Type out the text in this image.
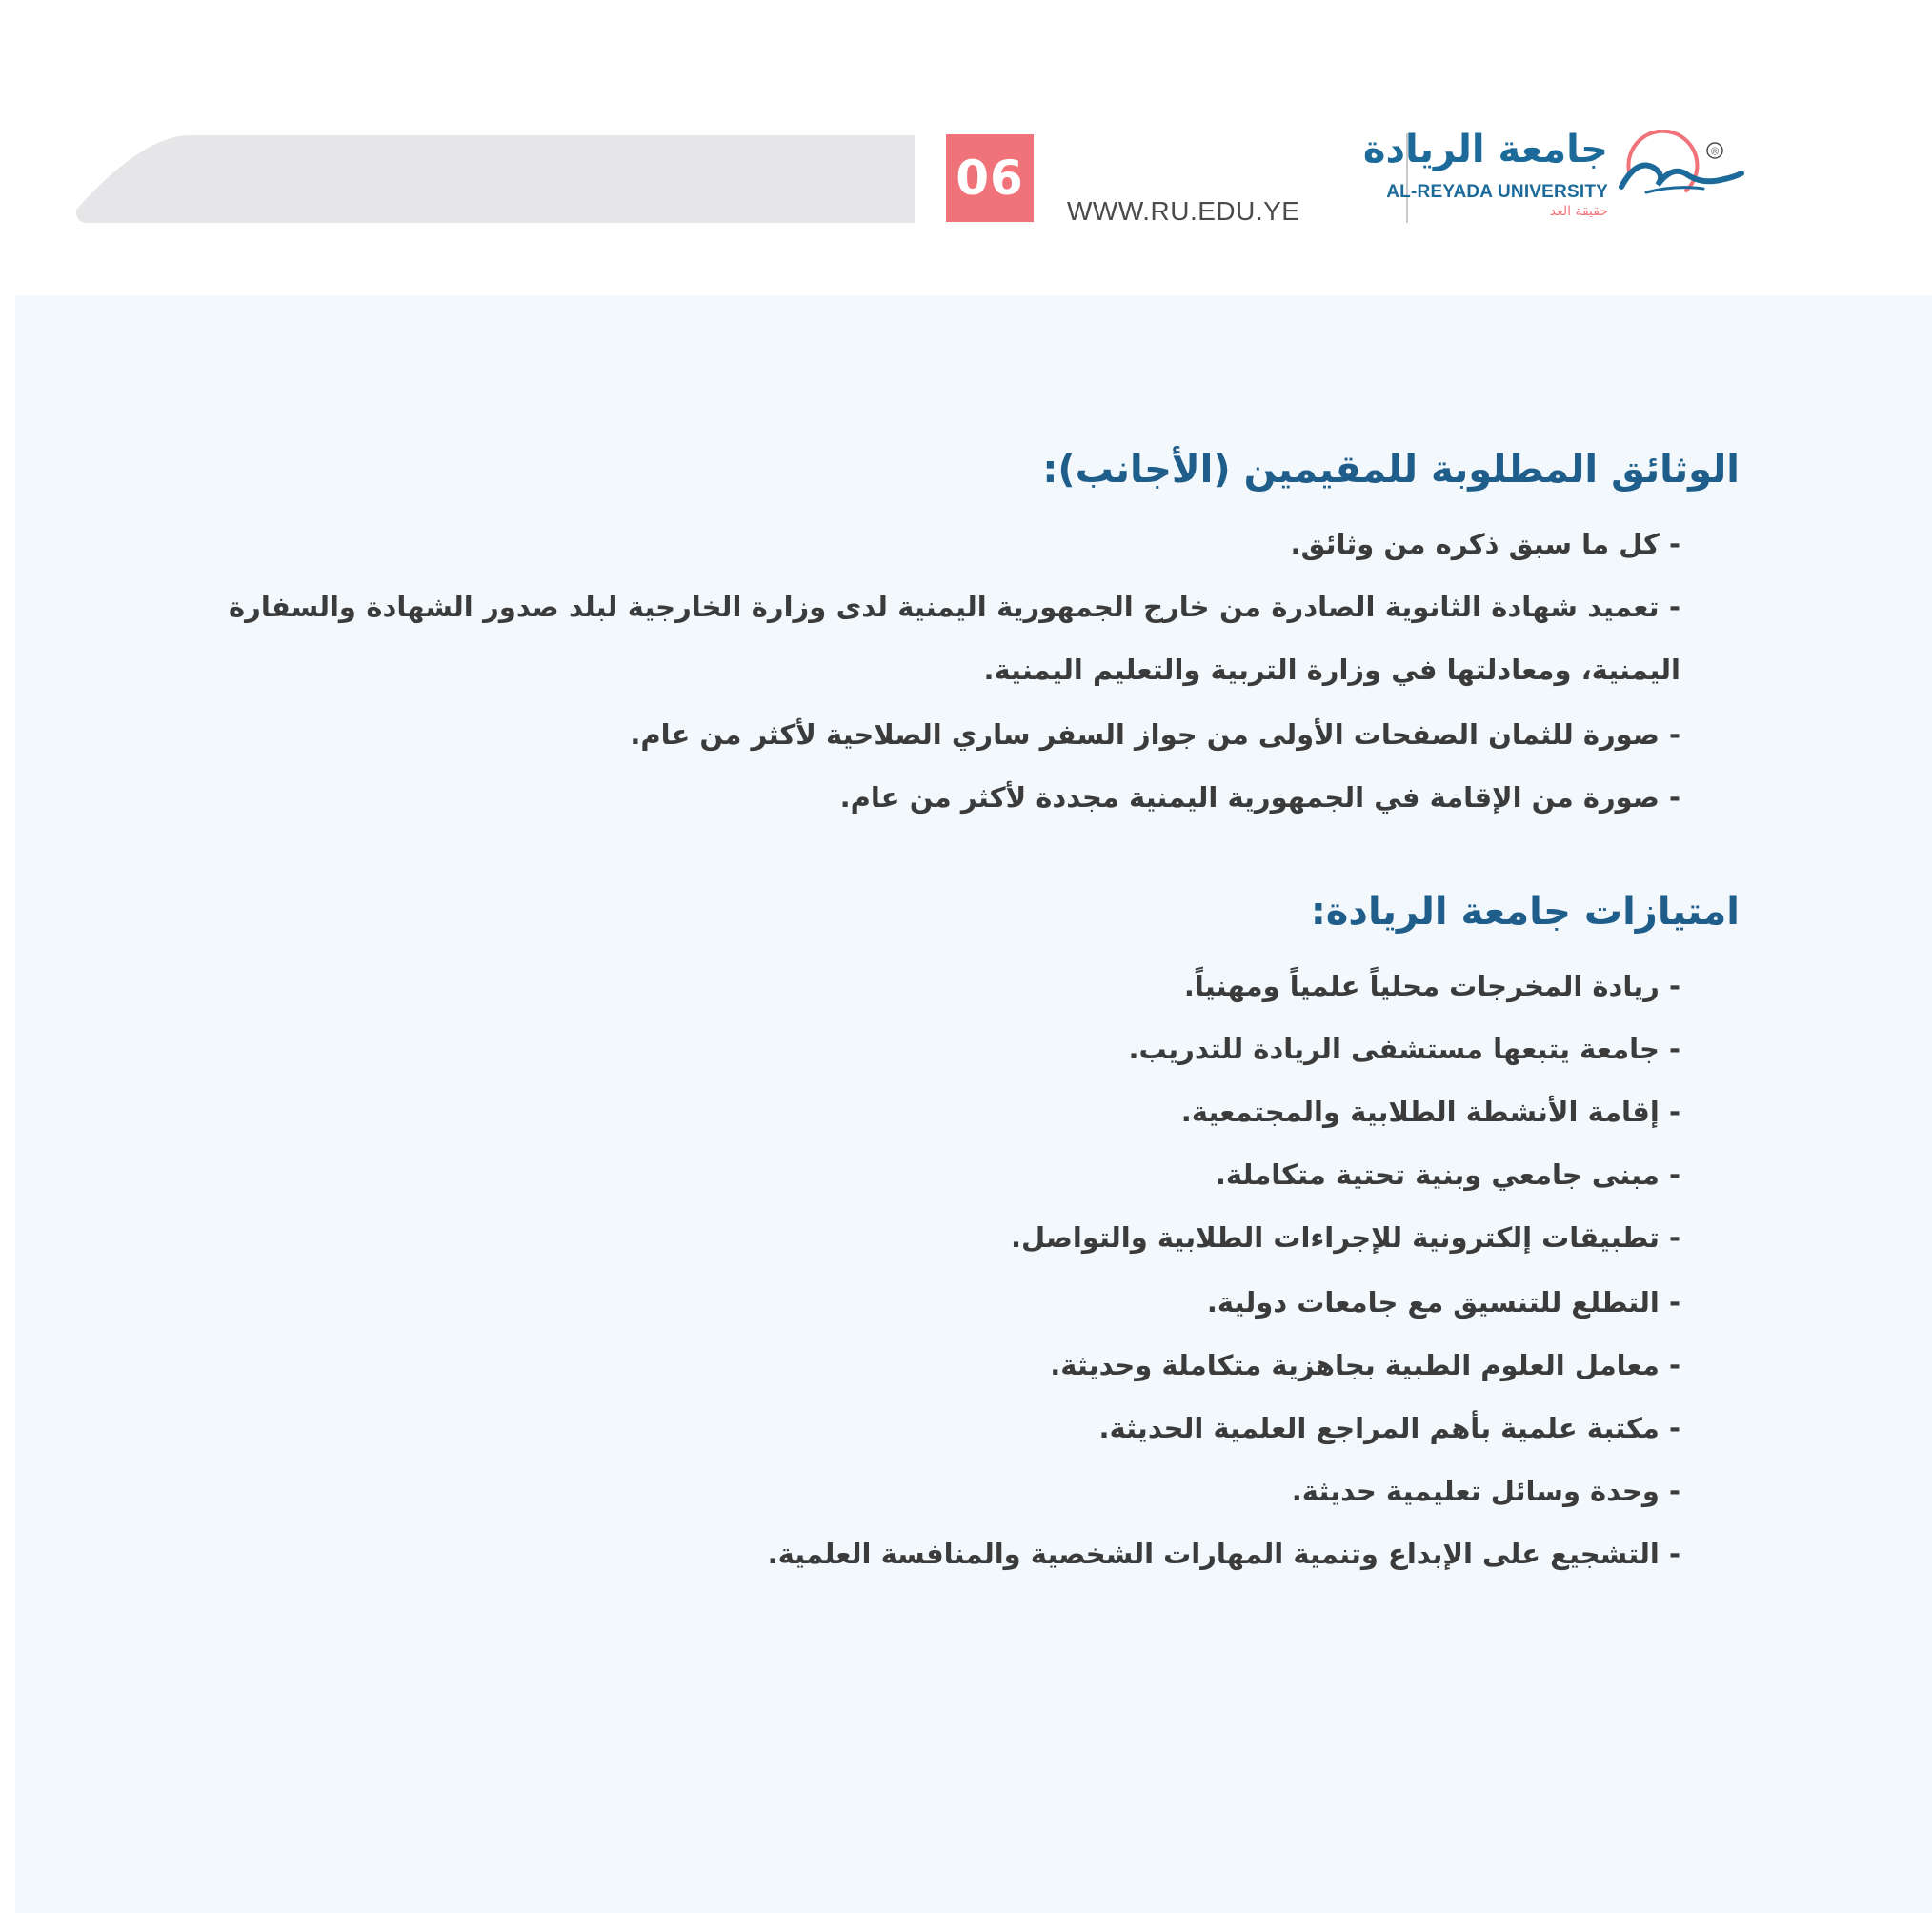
06
WWW.RU.EDU.YE
جامعة الريادة
AL-REYADA UNIVERSITY
حقيقة الغد
®
الوثائق المطلوبة للمقيمين (الأجانب):
- كل ما سبق ذكره من وثائق.
- تعميد شهادة الثانوية الصادرة من خارج الجمهورية اليمنية لدى وزارة الخارجية لبلد صدور الشهادة والسفارة اليمنية، ومعادلتها في وزارة التربية والتعليم اليمنية.
- صورة للثمان الصفحات الأولى من جواز السفر ساري الصلاحية لأكثر من عام.
- صورة من الإقامة في الجمهورية اليمنية مجددة لأكثر من عام.
امتيازات جامعة الريادة:
- ريادة المخرجات محلياً علمياً ومهنياً.
- جامعة يتبعها مستشفى الريادة للتدريب.
- إقامة الأنشطة الطلابية والمجتمعية.
- مبنى جامعي وبنية تحتية متكاملة.
- تطبيقات إلكترونية للإجراءات الطلابية والتواصل.
- التطلع للتنسيق مع جامعات دولية.
- معامل العلوم الطبية بجاهزية متكاملة وحديثة.
- مكتبة علمية بأهم المراجع العلمية الحديثة.
- وحدة وسائل تعليمية حديثة.
- التشجيع على الإبداع وتنمية المهارات الشخصية والمنافسة العلمية.
